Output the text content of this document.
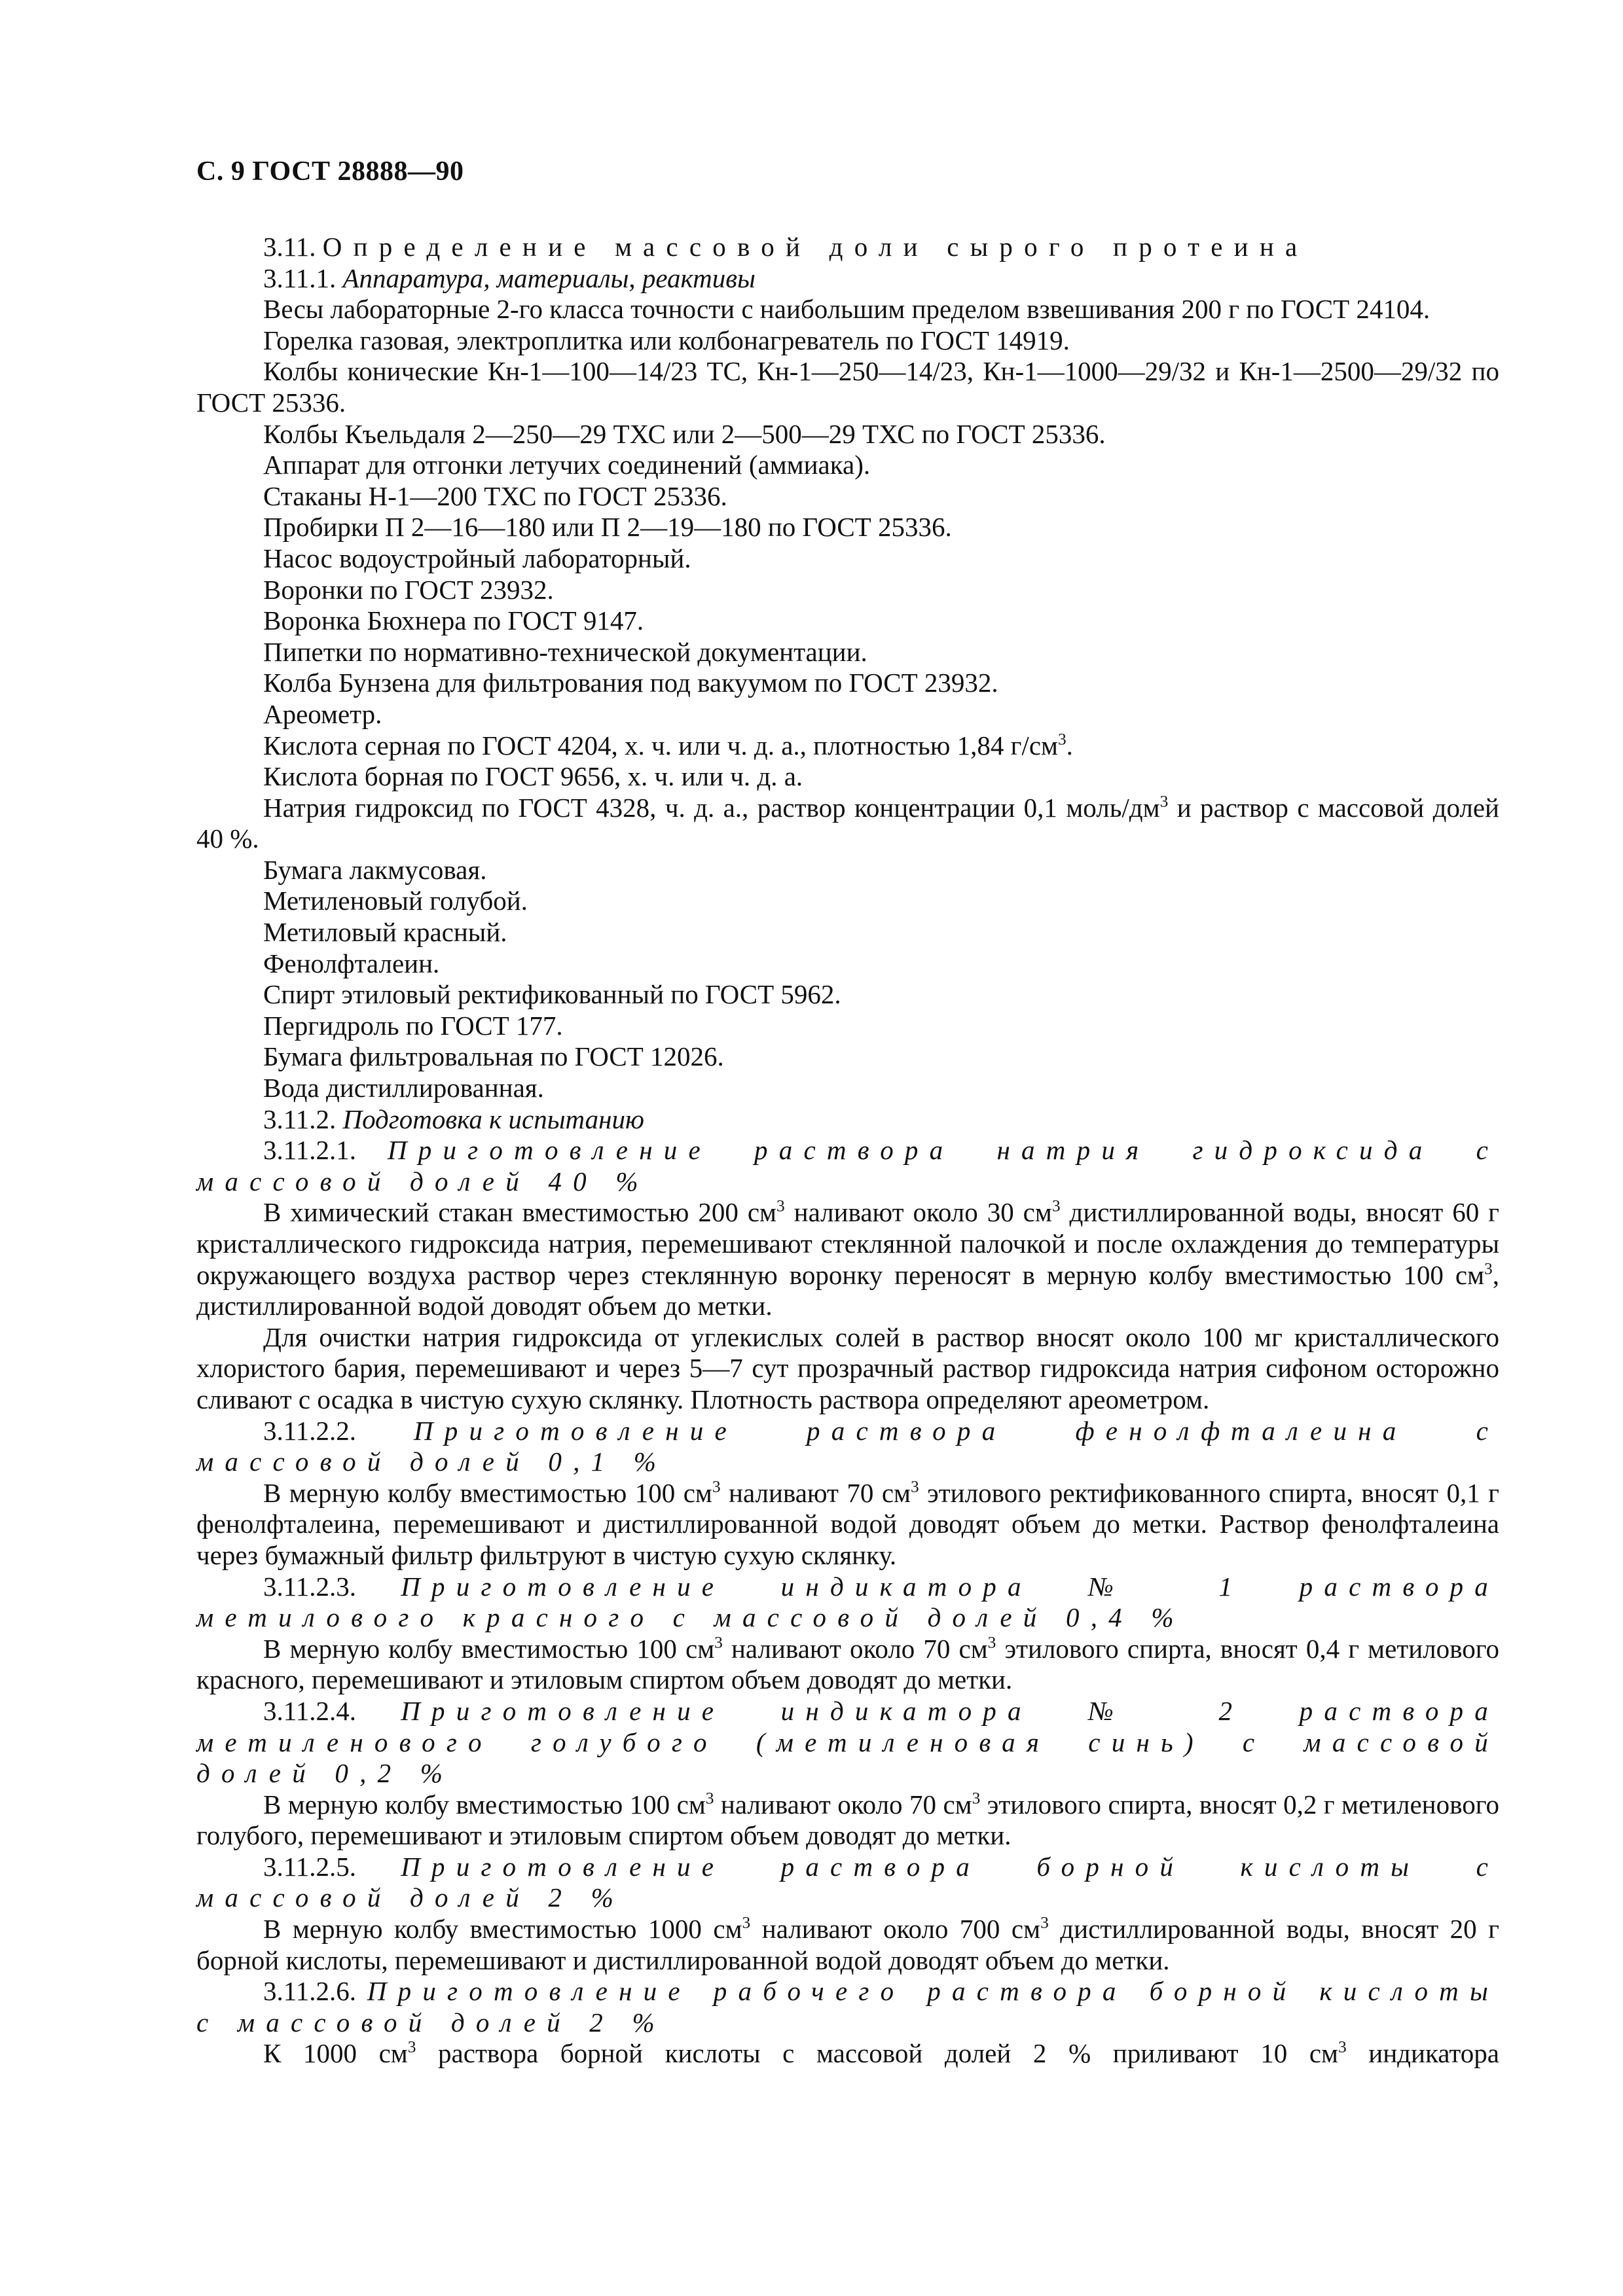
С. 9 ГОСТ 28888—90

3.11. Определение массовой доли сырого протеина

3.11.1. Аппаратура, материалы, реактивы

Весы лабораторные 2-го класса точности с наибольшим пределом взвешивания 200 г по ГОСТ 24104.

Горелка газовая, электроплитка или колбонагреватель по ГОСТ 14919.

Колбы конические Кн-1—100—14/23 ТС, Кн-1—250—14/23, Кн-1—1000—29/32 и Кн-1—2500—29/32 по ГОСТ 25336.

Колбы Къельдаля 2—250—29 ТХС или 2—500—29 ТХС по ГОСТ 25336.

Аппарат для отгонки летучих соединений (аммиака).

Стаканы Н-1—200 ТХС по ГОСТ 25336.

Пробирки П 2—16—180 или П 2—19—180 по ГОСТ 25336.

Насос водоустройный лабораторный.

Воронки по ГОСТ 23932.

Воронка Бюхнера по ГОСТ 9147.

Пипетки по нормативно-технической документации.

Колба Бунзена для фильтрования под вакуумом по ГОСТ 23932.

Ареометр.

Кислота серная по ГОСТ 4204, х. ч. или ч. д. а., плотностью 1,84 $г/см^3$.

Кислота борная по ГОСТ 9656, х. ч. или ч. д. а.

Натрия гидроксид по ГОСТ 4328, ч. д. а., раствор концентрации 0,1 моль/$дм^3$ и раствор с массовой долей 40 %.

Бумага лакмусовая.

Метиленовый голубой.

Метиловый красный.

Фенолфталеин.

Спирт этиловый ректификованный по ГОСТ 5962.

Пергидроль по ГОСТ 177.

Бумага фильтровальная по ГОСТ 12026.

Вода дистиллированная.

3.11.2. Подготовка к испытанию

3.11.2.1. Приготовление раствора натрия гидроксида с массовой долей 40 %

В химический стакан вместимостью 200 $см^3$ наливают около 30 $см^3$ дистиллированной воды, вносят 60 г кристаллического гидроксида натрия, перемешивают стеклянной палочкой и после охлаждения до температуры окружающего воздуха раствор через стеклянную воронку переносят в мерную колбу вместимостью 100 $см^3$, дистиллированной водой доводят объем до метки.

Для очистки натрия гидроксида от углекислых солей в раствор вносят около 100 мг кристаллического хлористого бария, перемешивают и через 5—7 сут прозрачный раствор гидроксида натрия сифоном осторожно сливают с осадка в чистую сухую склянку. Плотность раствора определяют ареометром.

3.11.2.2. Приготовление раствора фенолфталеина с массовой долей 0,1 %

В мерную колбу вместимостью 100 $см^3$ наливают 70 $см^3$ этилового ректификованного спирта, вносят 0,1 г фенолфталеина, перемешивают и дистиллированной водой доводят объем до метки. Раствор фенолфталеина через бумажный фильтр фильтруют в чистую сухую склянку.

3.11.2.3. Приготовление индикатора № 1 раствора метилового красного с массовой долей 0,4 %

В мерную колбу вместимостью 100 $см^3$ наливают около 70 $см^3$ этилового спирта, вносят 0,4 г метилового красного, перемешивают и этиловым спиртом объем доводят до метки.

3.11.2.4. Приготовление индикатора № 2 раствора метиленового голубого (метиленовая синь) с массовой долей 0,2 %

В мерную колбу вместимостью 100 $см^3$ наливают около 70 $см^3$ этилового спирта, вносят 0,2 г метиленового голубого, перемешивают и этиловым спиртом объем доводят до метки.

3.11.2.5. Приготовление раствора борной кислоты с массовой долей 2 %

В мерную колбу вместимостью 1000 $см^3$ наливают около 700 $см^3$ дистиллированной воды, вносят 20 г борной кислоты, перемешивают и дистиллированной водой доводят объем до метки.

3.11.2.6. Приготовление рабочего раствора борной кислоты с массовой долей 2 %

К 1000 $см^3$ раствора борной кислоты с массовой долей 2 % приливают 10 $см^3$ индикатора
